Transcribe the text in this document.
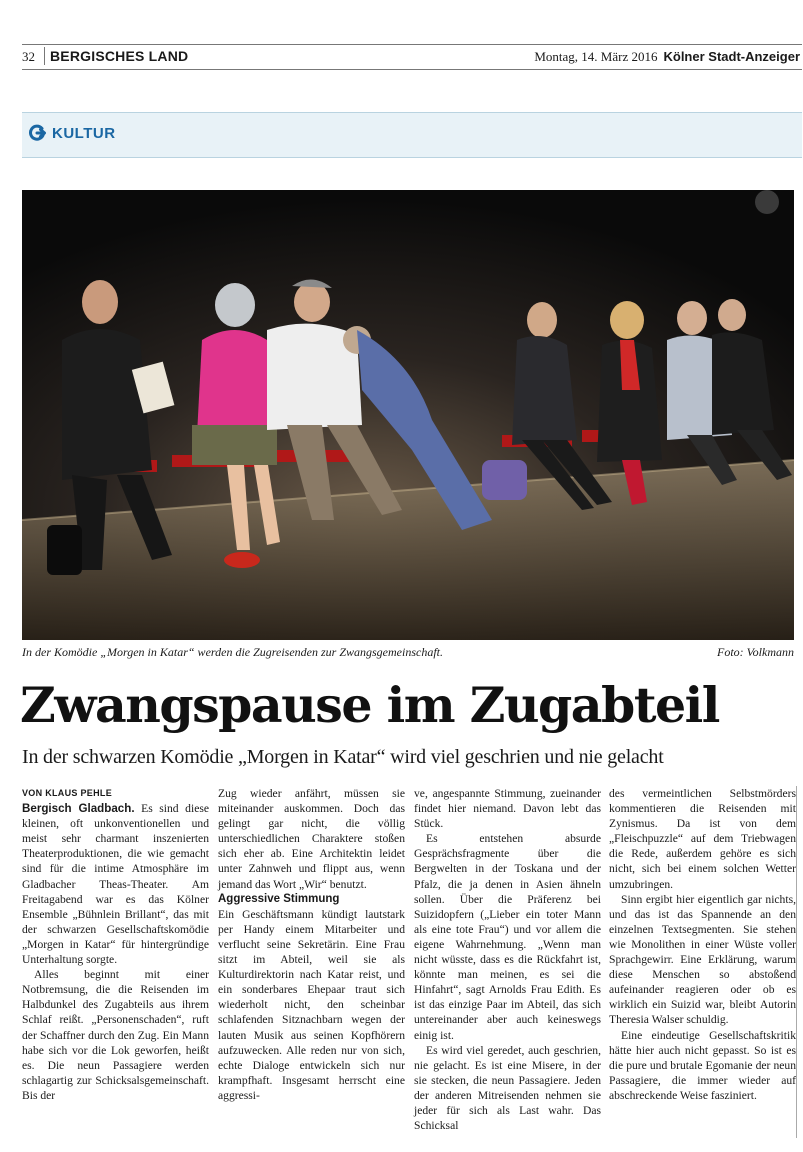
32 BERGISCHES LAND	Montag, 14. März 2016 Kölner Stadt-Anzeiger
KULTUR
In der Komödie „Morgen in Katar“ werden die Zugreisenden zur Zwangsgemeinschaft.	Foto: Volkmann
Zwangspause im Zugabteil
In der schwarzen Komödie „Morgen in Katar“ wird viel geschrien und nie gelacht

VON KLAUS PEHLE

Bergisch Gladbach. Es sind diese kleinen, oft unkonventionellen und meist sehr charmant inszenierten Theaterproduktionen, die wie gemacht sind für die intime Atmosphäre im Gladbacher Theas-Theater. Am Freitagabend war es das Kölner Ensemble „Bühnlein Brillant“, das mit der schwarzen Gesellschaftskomödie „Morgen in Katar“ für hintergründige Unterhaltung sorgte.

Alles beginnt mit einer Notbremsung, die die Reisenden im Halbdunkel des Zugabteils aus ihrem Schlaf reißt. „Personenschaden“, ruft der Schaffner durch den Zug. Ein Mann habe sich vor die Lok geworfen, heißt es. Die neun Passagiere werden schlagartig zur Schicksalsgemeinschaft. Bis der

Zug wieder anfährt, müssen sie miteinander auskommen. Doch das gelingt gar nicht, die völlig unterschiedlichen Charaktere stoßen sich eher ab. Eine Architektin leidet unter Zahnweh und flippt aus, wenn jemand das Wort „Wir“ benutzt.

Aggressive Stimmung

Ein Geschäftsmann kündigt lautstark per Handy einem Mitarbeiter und verflucht seine Sekretärin. Eine Frau sitzt im Abteil, weil sie als Kulturdirektorin nach Katar reist, und ein sonderbares Ehepaar traut sich wiederholt nicht, den scheinbar schlafenden Sitznachbarn wegen der lauten Musik aus seinen Kopfhörern aufzuwecken. Alle reden nur von sich, echte Dialoge entwickeln sich nur krampfhaft. Insgesamt herrscht eine aggressi-

ve, angespannte Stimmung, zueinander findet hier niemand. Davon lebt das Stück.

Es entstehen absurde Gesprächsfragmente über die Bergwelten in der Toskana und der Pfalz, die ja denen in Asien ähneln sollen. Über die Präferenz bei Suizidopfern („Lieber ein toter Mann als eine tote Frau“) und vor allem die eigene Wahrnehmung. „Wenn man nicht wüsste, dass es die Rückfahrt ist, könnte man meinen, es sei die Hinfahrt“, sagt Arnolds Frau Edith. Es ist das einzige Paar im Abteil, das sich untereinander aber auch keineswegs einig ist.

Es wird viel geredet, auch geschrien, nie gelacht. Es ist eine Misere, in der sie stecken, die neun Passagiere. Jeden der anderen Mitreisenden nehmen sie jeder für sich als Last wahr. Das Schicksal

des vermeintlichen Selbstmörders kommentieren die Reisenden mit Zynismus. Da ist von dem „Fleischpuzzle“ auf dem Triebwagen die Rede, außerdem gehöre es sich nicht, sich bei einem solchen Wetter umzubringen.

Sinn ergibt hier eigentlich gar nichts, und das ist das Spannende an den einzelnen Textsegmenten. Sie stehen wie Monolithen in einer Wüste voller Sprachgewirr. Eine Erklärung, warum diese Menschen so abstoßend aufeinander reagieren oder ob es wirklich ein Suizid war, bleibt Autorin Theresia Walser schuldig.

Eine eindeutige Gesellschaftskritik hätte hier auch nicht gepasst. So ist es die pure und brutale Egomanie der neun Passagiere, die immer wieder auf abschreckende Weise fasziniert.
